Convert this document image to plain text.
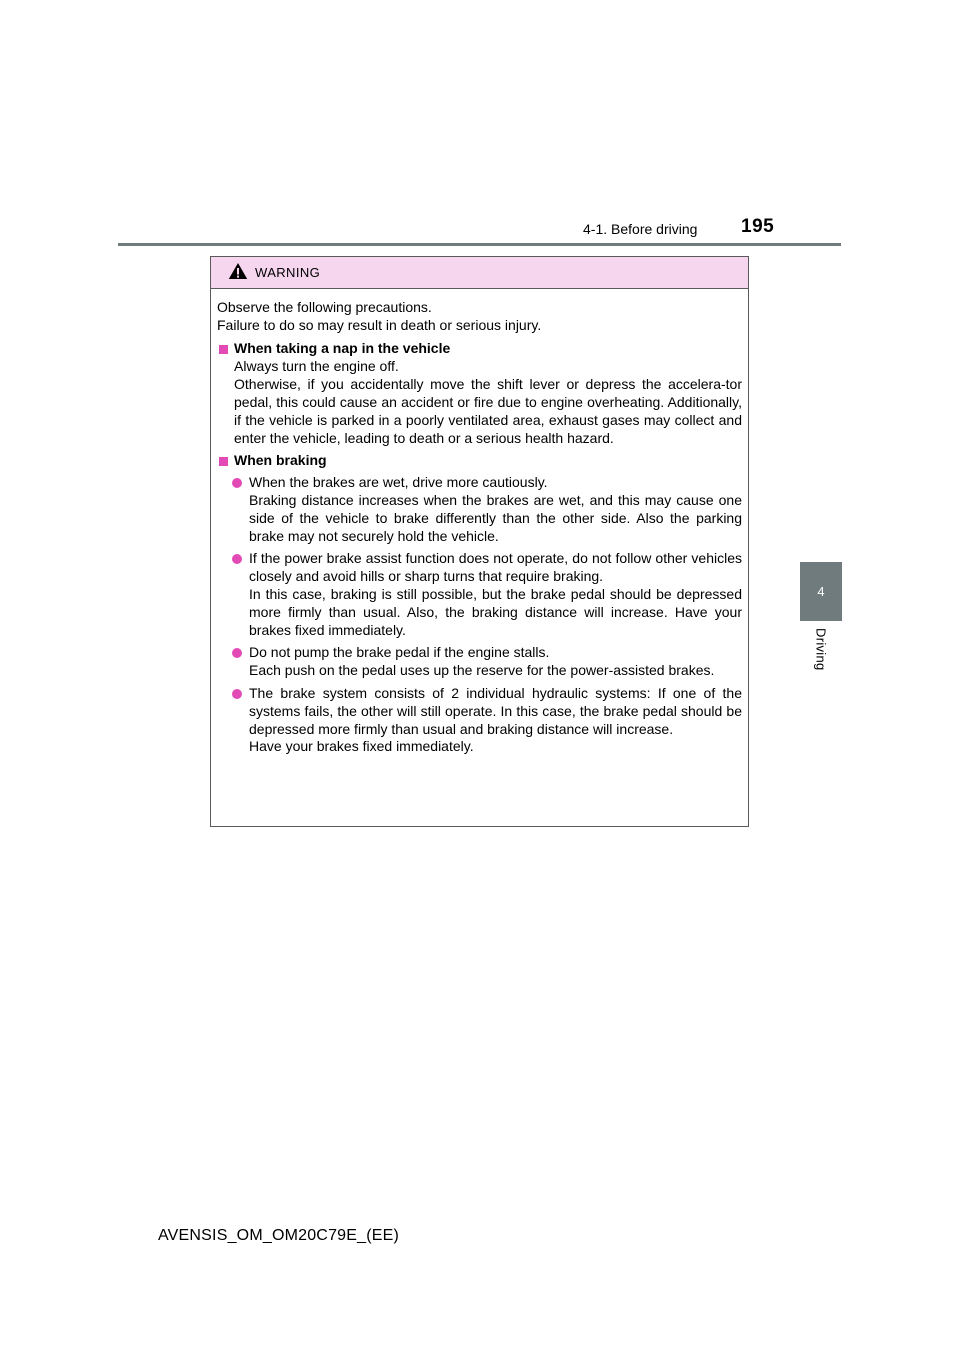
4-1. Before driving 195
4
Driving
WARNING

Observe the following precautions.

Failure to do so may result in death or serious injury.

When taking a nap in the vehicle

Always turn the engine off.

Otherwise, if you accidentally move the shift lever or depress the accelera-tor pedal, this could cause an accident or fire due to engine overheating. Additionally, if the vehicle is parked in a poorly ventilated area, exhaust gases may collect and enter the vehicle, leading to death or a serious health hazard.

When braking

When the brakes are wet, drive more cautiously.

Braking distance increases when the brakes are wet, and this may cause one side of the vehicle to brake differently than the other side. Also the parking brake may not securely hold the vehicle.

If the power brake assist function does not operate, do not follow other vehicles closely and avoid hills or sharp turns that require braking.

In this case, braking is still possible, but the brake pedal should be depressed more firmly than usual. Also, the braking distance will increase. Have your brakes fixed immediately.

Do not pump the brake pedal if the engine stalls.

Each push on the pedal uses up the reserve for the power-assisted brakes.

The brake system consists of 2 individual hydraulic systems: If one of the systems fails, the other will still operate. In this case, the brake pedal should be depressed more firmly than usual and braking distance will increase.

Have your brakes fixed immediately.

AVENSIS_OM_OM20C79E_(EE)
